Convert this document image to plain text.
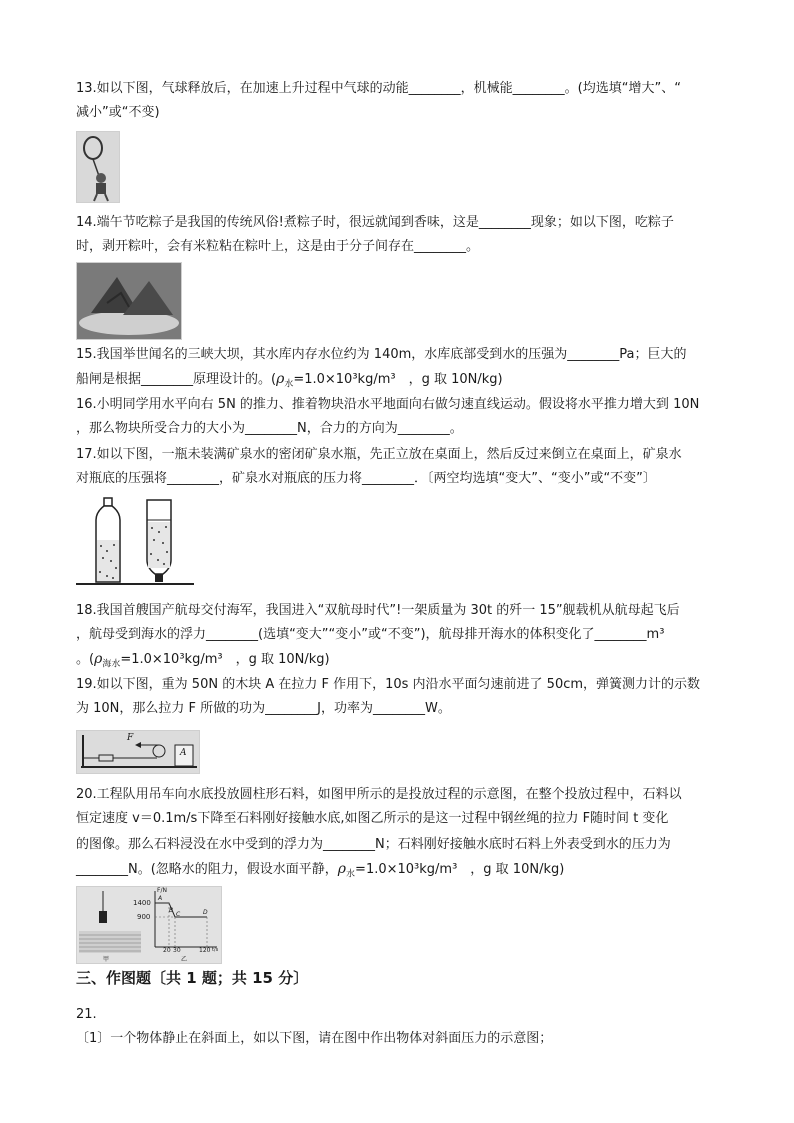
13.如以下图，气球释放后，在加速上升过程中气球的动能________，机械能________。(均选填“增大”、“
减小”或“不变)
14.端午节吃粽子是我国的传统风俗!煮粽子时，很远就闻到香味，这是________现象；如以下图，吃粽子
时，剥开粽叶，会有米粒粘在粽叶上，这是由于分子间存在________。
15.我国举世闻名的三峡大坝，其水库内存水位约为 140m，水库底部受到水的压强为________Pa；巨大的
船闸是根据________原理设计的。($\rho_水=1.0\times 10^3kg/m^3$　，g 取 10N/kg)
16.小明同学用水平向右 5N 的推力、推着物块沿水平地面向右做匀速直线运动。假设将水平推力增大到 10N
，那么物块所受合力的大小为________N，合力的方向为________。
17.如以下图，一瓶未装满矿泉水的密闭矿泉水瓶，先正立放在桌面上，然后反过来倒立在桌面上，矿泉水
对瓶底的压强将________，矿泉水对瓶底的压力将________．〔两空均选填“变大”、“变小”或“不变”〕
18.我国首艘国产航母交付海军，我国进入“双航母时代”!一架质量为 30t 的歼一 15”舰载机从航母起飞后
，航母受到海水的浮力________(选填“变大”“变小”或“不变”)，航母排开海水的体积变化了________m³
。($\rho_{海水}=1.0\times 10^3kg/m^3$　，g 取 10N/kg)
19.如以下图，重为 50N 的木块 A 在拉力 F 作用下，10s 内沿水平面匀速前进了 50cm，弹簧测力计的示数
为 10N，那么拉力 F 所做的功为________J，功率为________W。
F
A
20.工程队用吊车向水底投放圆柱形石料，如图甲所示的是投放过程的示意图，在整个投放过程中，石料以
恒定速度 v＝0.1m/s下降至石料刚好接触水底,如图乙所示的是这一过程中钢丝绳的拉力 F随时间 t 变化
的图像。那么石料浸没在水中受到的浮力为________N；石料刚好接触水底时石料上外表受到水的压力为
________N。(忽略水的阻力，假设水面平静，$\rho_水=1.0\times 10^3kg/m^3$　，g 取 10N/kg)
F/N
1400
900
A
B
C	D
20 30	120 t/s
甲	乙
三、作图题〔共 1 题；共 15 分〕
21.
〔1〕一个物体静止在斜面上，如以下图，请在图中作出物体对斜面压力的示意图；
